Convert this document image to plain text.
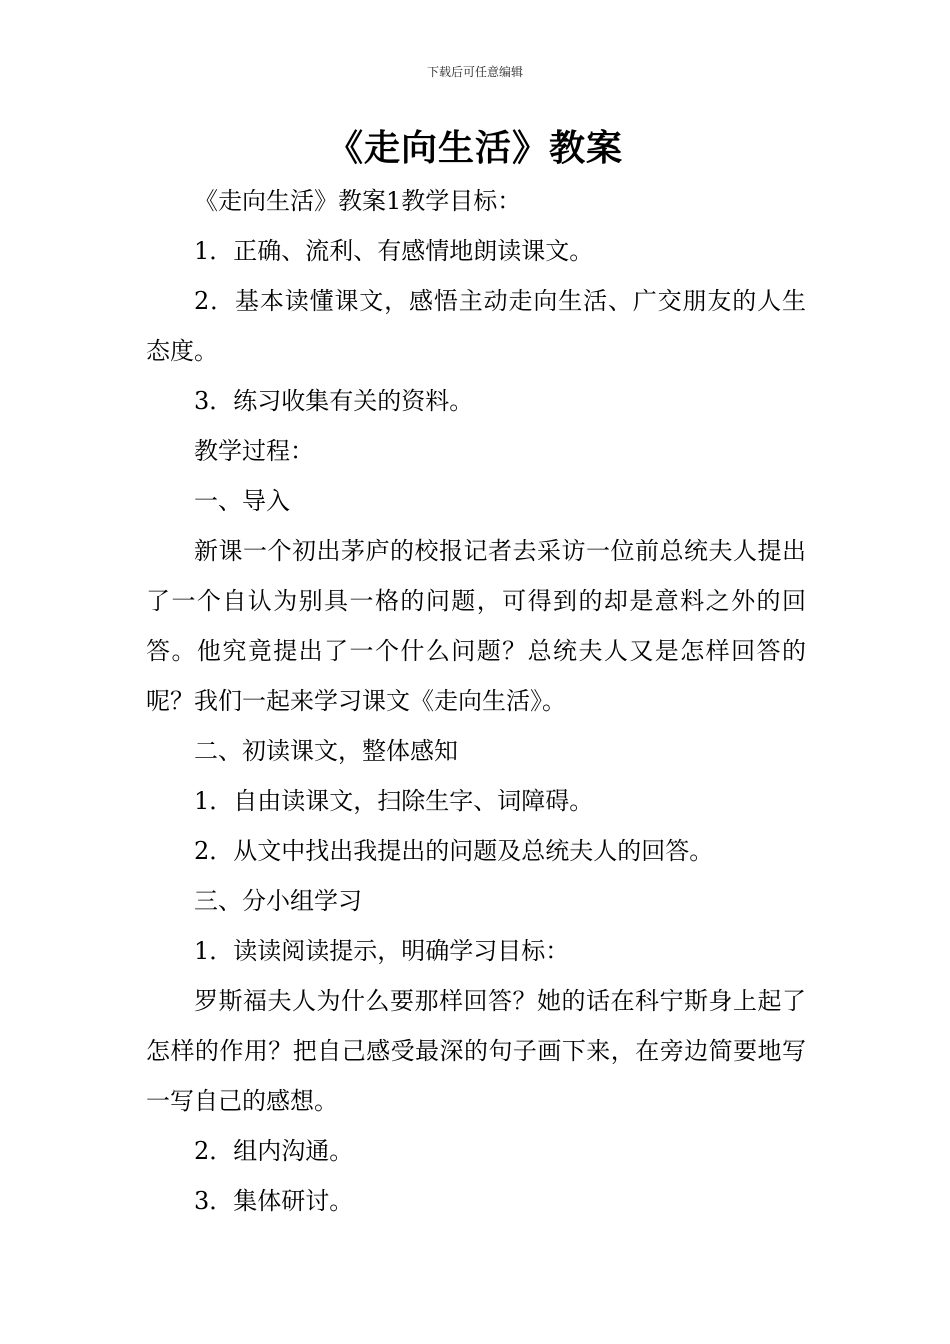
下载后可任意编辑
《走向生活》教案

《走向生活》教案1教学目标：

1．正确、流利、有感情地朗读课文。

2．基本读懂课文，感悟主动走向生活、广交朋友的人生态度。

3．练习收集有关的资料。

教学过程：

一、导入

新课一个初出茅庐的校报记者去采访一位前总统夫人提出了一个自认为别具一格的问题，可得到的却是意料之外的回答。他究竟提出了一个什么问题？总统夫人又是怎样回答的呢？我们一起来学习课文《走向生活》。

二、初读课文，整体感知

1．自由读课文，扫除生字、词障碍。

2．从文中找出我提出的问题及总统夫人的回答。

三、分小组学习

1．读读阅读提示，明确学习目标：

罗斯福夫人为什么要那样回答？她的话在科宁斯身上起了怎样的作用？把自己感受最深的句子画下来，在旁边简要地写一写自己的感想。

2．组内沟通。

3．集体研讨。
